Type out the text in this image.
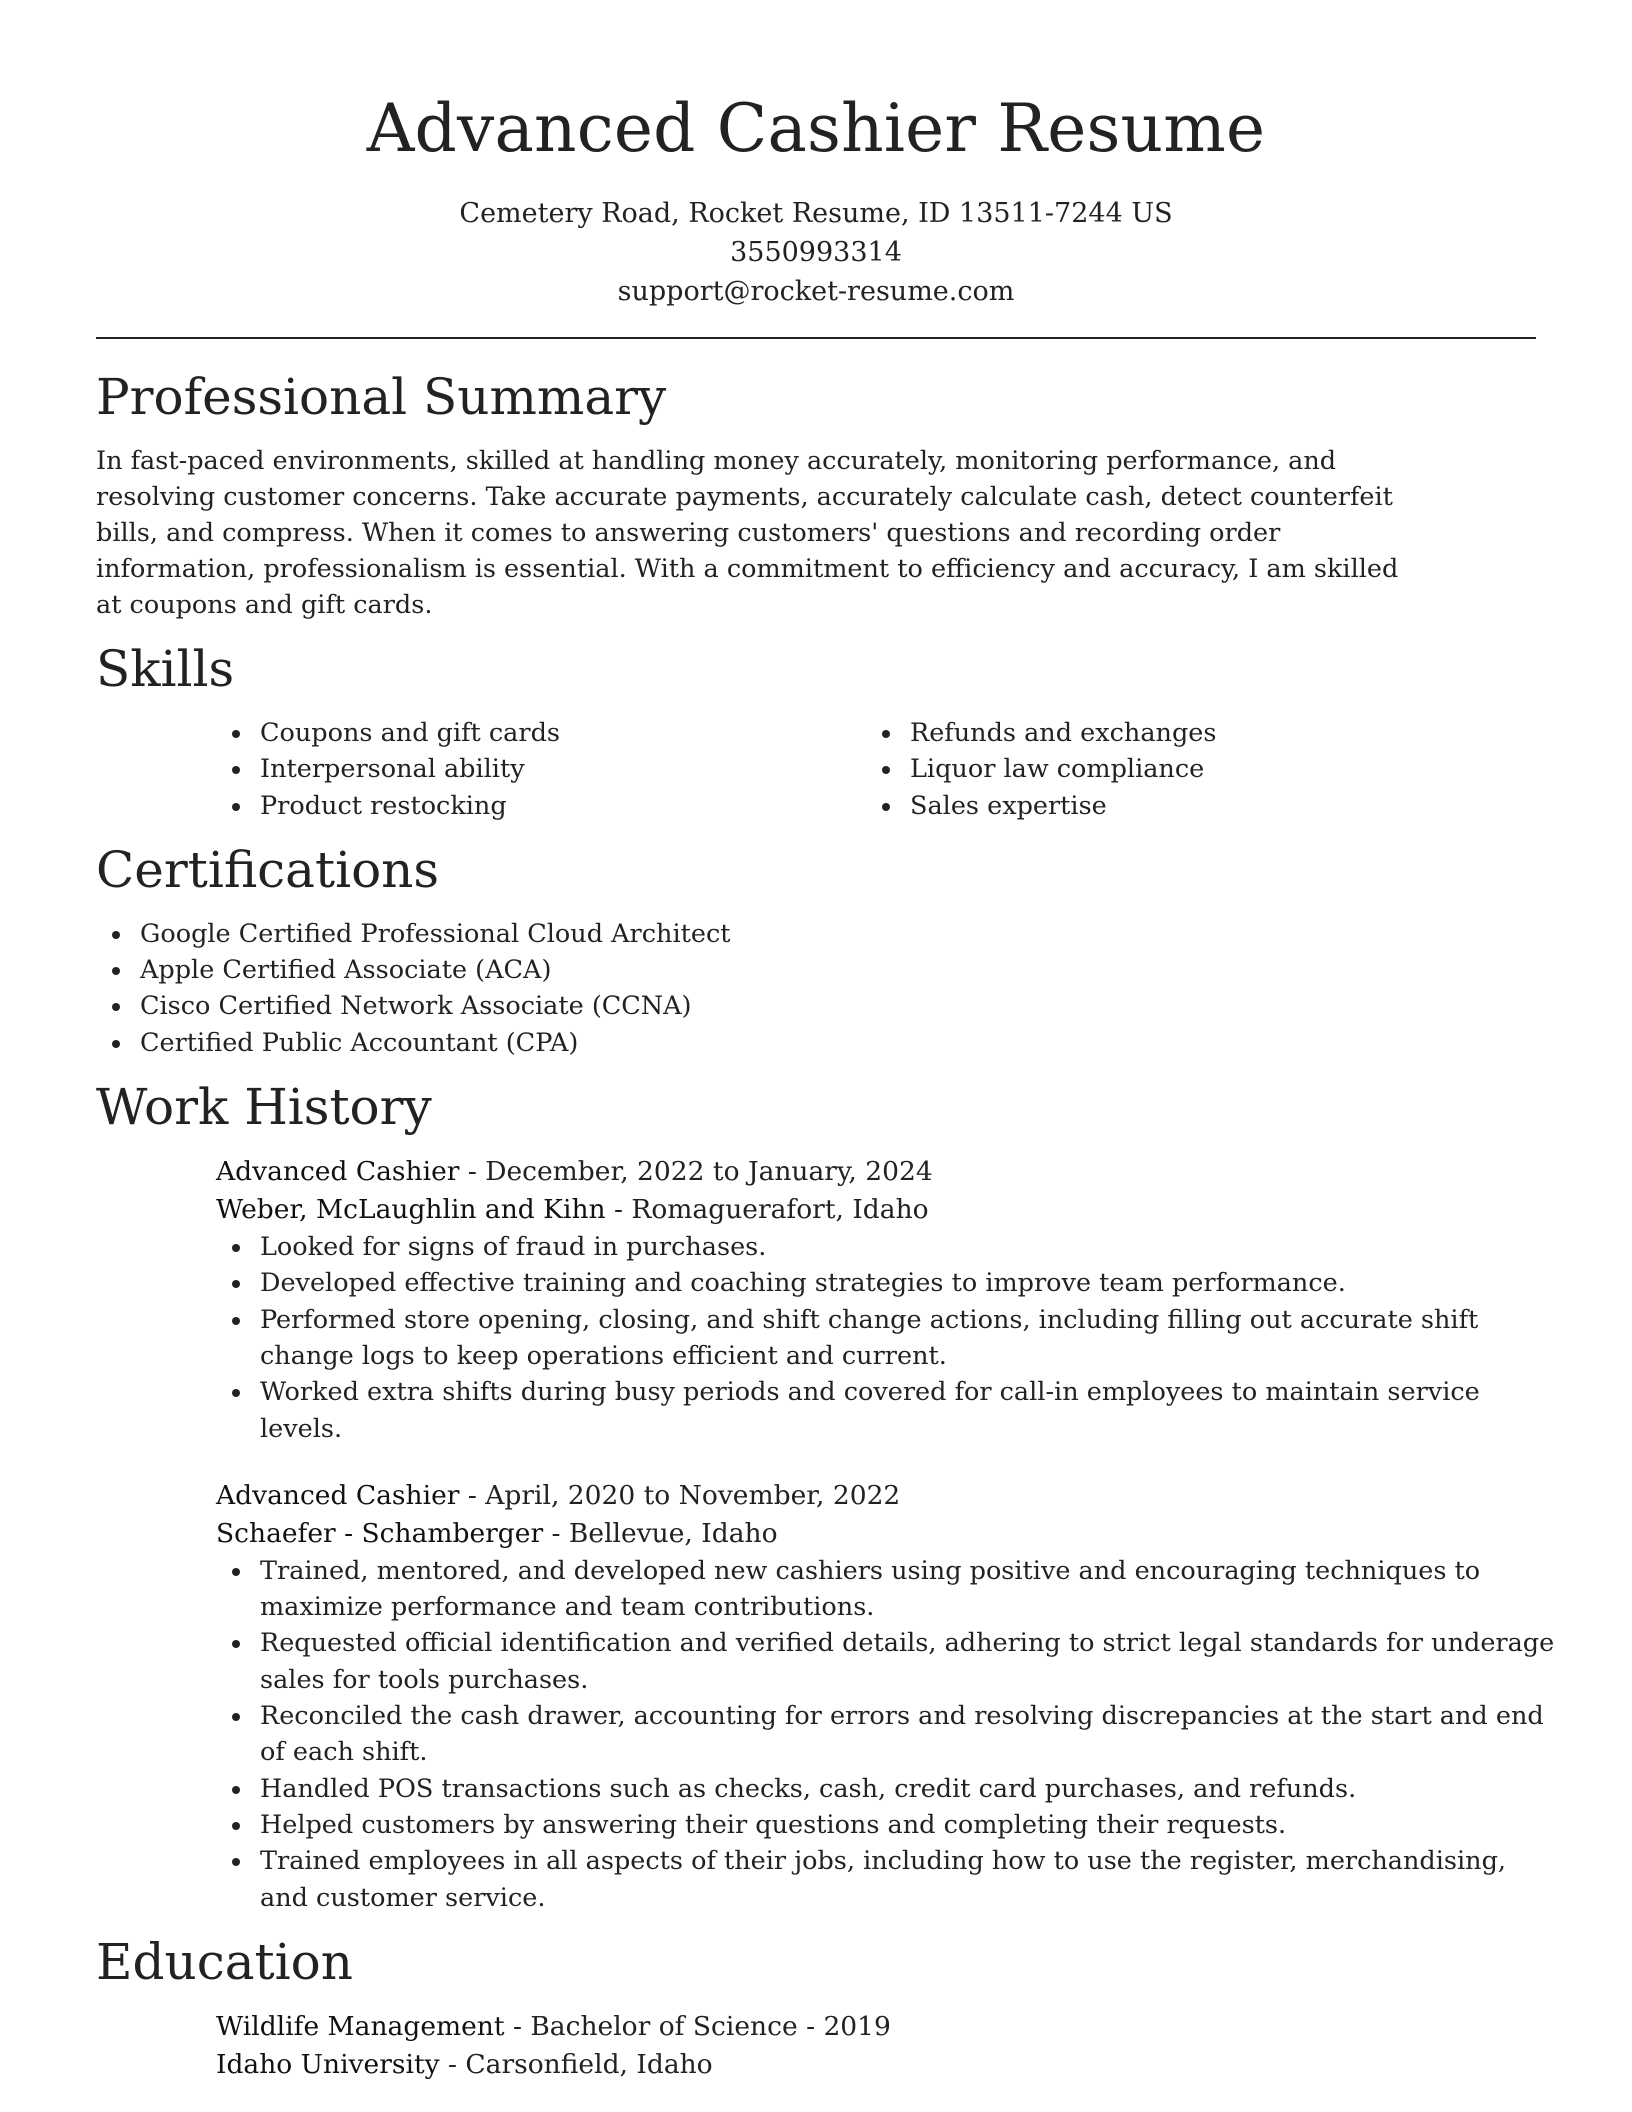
Advanced Cashier Resume
Cemetery Road, Rocket Resume, ID 13511-7244 US
3550993314
support@rocket-resume.com
Professional Summary

In fast-paced environments, skilled at handling money accurately, monitoring performance, and resolving customer concerns. Take accurate payments, accurately calculate cash, detect counterfeit bills, and compress. When it comes to answering customers' questions and recording order information, professionalism is essential. With a commitment to efficiency and accuracy, I am skilled at coupons and gift cards.

Skills
Coupons and gift cards
Interpersonal ability
Product restocking
Refunds and exchanges
Liquor law compliance
Sales expertise
Certifications
Google Certified Professional Cloud Architect
Apple Certified Associate (ACA)
Cisco Certified Network Associate (CCNA)
Certified Public Accountant (CPA)
Work History
Advanced Cashier - December, 2022 to January, 2024
Weber, McLaughlin and Kihn - Romaguerafort, Idaho
Looked for signs of fraud in purchases.
Developed effective training and coaching strategies to improve team performance.
Performed store opening, closing, and shift change actions, including filling out accurate shift change logs to keep operations efficient and current.
Worked extra shifts during busy periods and covered for call-in employees to maintain service levels.
Advanced Cashier - April, 2020 to November, 2022
Schaefer - Schamberger - Bellevue, Idaho
Trained, mentored, and developed new cashiers using positive and encouraging techniques to maximize performance and team contributions.
Requested official identification and verified details, adhering to strict legal standards for underage sales for tools purchases.
Reconciled the cash drawer, accounting for errors and resolving discrepancies at the start and end of each shift.
Handled POS transactions such as checks, cash, credit card purchases, and refunds.
Helped customers by answering their questions and completing their requests.
Trained employees in all aspects of their jobs, including how to use the register, merchandising, and customer service.
Education
Wildlife Management - Bachelor of Science - 2019
Idaho University - Carsonfield, Idaho
